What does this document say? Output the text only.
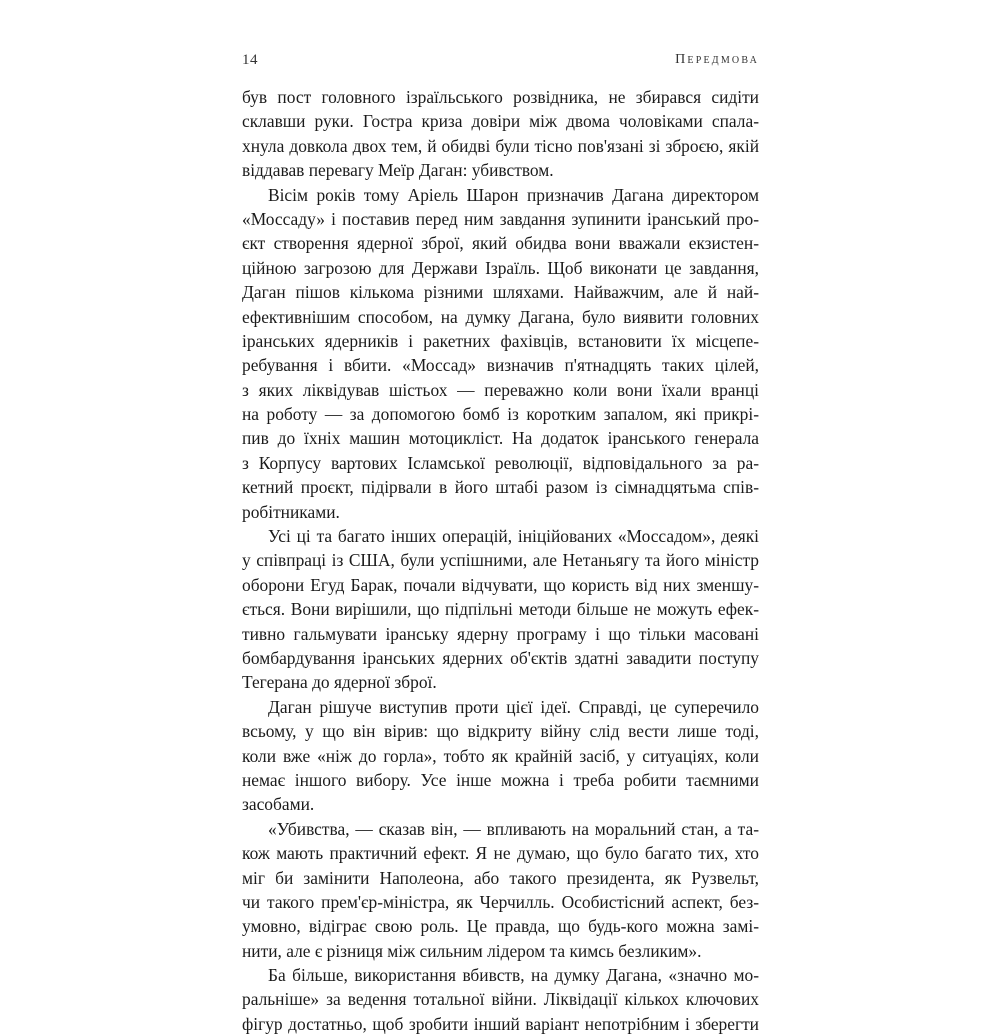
14	Передмова
був пост головного ізраїльського розвідника, не збирався сидіти
склавши руки. Гостра криза довіри між двома чоловіками спала-
хнула довкола двох тем, й обидві були тісно пов'язані зі зброєю, якій
віддавав перевагу Меїр Даган: убивством.
Вісім років тому Аріель Шарон призначив Дагана директором
«Моссаду» і поставив перед ним завдання зупинити іранський про-
єкт створення ядерної зброї, який обидва вони вважали екзистен-
ційною загрозою для Держави Ізраїль. Щоб виконати це завдання,
Даган пішов кількома різними шляхами. Найважчим, але й най-
ефективнішим способом, на думку Дагана, було виявити головних
іранських ядерників і ракетних фахівців, встановити їх місцепе-
ребування і вбити. «Моссад» визначив п'ятнадцять таких цілей,
з яких ліквідував шістьох — переважно коли вони їхали вранці
на роботу — за допомогою бомб із коротким запалом, які прикрі-
пив до їхніх машин мотоцикліст. На додаток іранського генерала
з Корпусу вартових Ісламської революції, відповідального за ра-
кетний проєкт, підірвали в його штабі разом із сімнадцятьма спів-
робітниками.
Усі ці та багато інших операцій, ініційованих «Моссадом», деякі
у співпраці із США, були успішними, але Нетаньягу та його міністр
оборони Егуд Барак, почали відчувати, що користь від них зменшу-
ється. Вони вирішили, що підпільні методи більше не можуть ефек-
тивно гальмувати іранську ядерну програму і що тільки масовані
бомбардування іранських ядерних об'єктів здатні завадити поступу
Тегерана до ядерної зброї.
Даган рішуче виступив проти цієї ідеї. Справді, це суперечило
всьому, у що він вірив: що відкриту війну слід вести лише тоді,
коли вже «ніж до горла», тобто як крайній засіб, у ситуаціях, коли
немає іншого вибору. Усе інше можна і треба робити таємними
засобами.
«Убивства, — сказав він, — впливають на моральний стан, а та-
кож мають практичний ефект. Я не думаю, що було багато тих, хто
міг би замінити Наполеона, або такого президента, як Рузвельт,
чи такого прем'єр-міністра, як Черчилль. Особистісний аспект, без-
умовно, відіграє свою роль. Це правда, що будь-кого можна замі-
нити, але є різниця між сильним лідером та кимсь безликим».
Ба більше, використання вбивств, на думку Дагана, «значно мо-
ральніше» за ведення тотальної війни. Ліквідації кількох ключових
фігур достатньо, щоб зробити інший варіант непотрібним і зберегти
